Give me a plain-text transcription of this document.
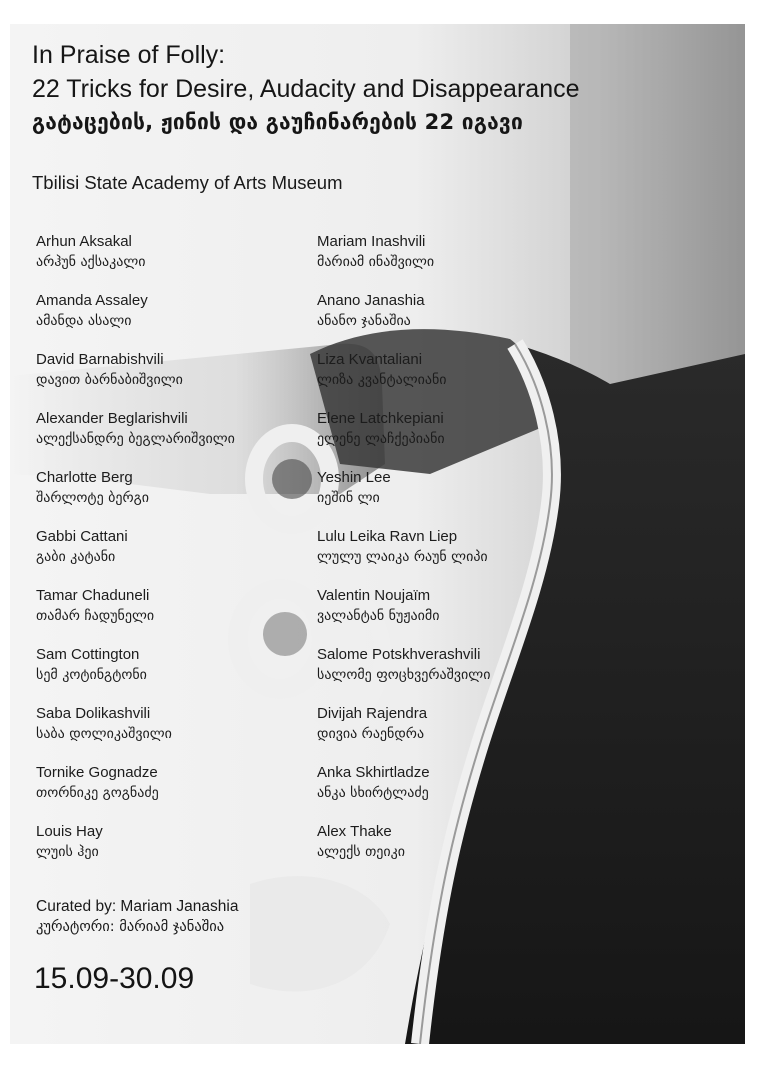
In Praise of Folly:

22 Tricks for Desire, Audacity and Disappearance

გატაცების, ჟინის და გაუჩინარების 22 იგავი

Tbilisi State Academy of Arts Museum
Arhun Aksakal
არჰუნ აქსაკალი
Amanda Assaley
ამანდა ასალი
David Barnabishvili
დავით ბარნაბიშვილი
Alexander Beglarishvili
ალექსანდრე ბეგლარიშვილი
Charlotte Berg
შარლოტე ბერგი
Gabbi Cattani
გაბი კატანი
Tamar Chaduneli
თამარ ჩადუნელი
Sam Cottington
სემ კოტინგტონი
Saba Dolikashvili
საბა დოლიკაშვილი
Tornike Gognadze
თორნიკე გოგნაძე
Louis Hay
ლუის ჰეი
Mariam Inashvili
მარიამ ინაშვილი
Anano Janashia
ანანო ჯანაშია
Liza Kvantaliani
ლიზა კვანტალიანი
Elene Latchkepiani
ელენე ლაჩქეპიანი
Yeshin Lee
იეშინ ლი
Lulu Leika Ravn Liep
ლულუ ლაიკა რაუნ ლიპი
Valentin Noujaïm
ვალანტან ნუჟაიმი
Salome Potskhverashvili
სალომე ფოცხვერაშვილი
Divijah Rajendra
დივია რაენდრა
Anka Skhirtladze
ანკა სხირტლაძე
Alex Thake
ალექს თეიკი
Curated by: Mariam Janashia
კურატორი: მარიამ ჯანაშია
15.09-30.09
